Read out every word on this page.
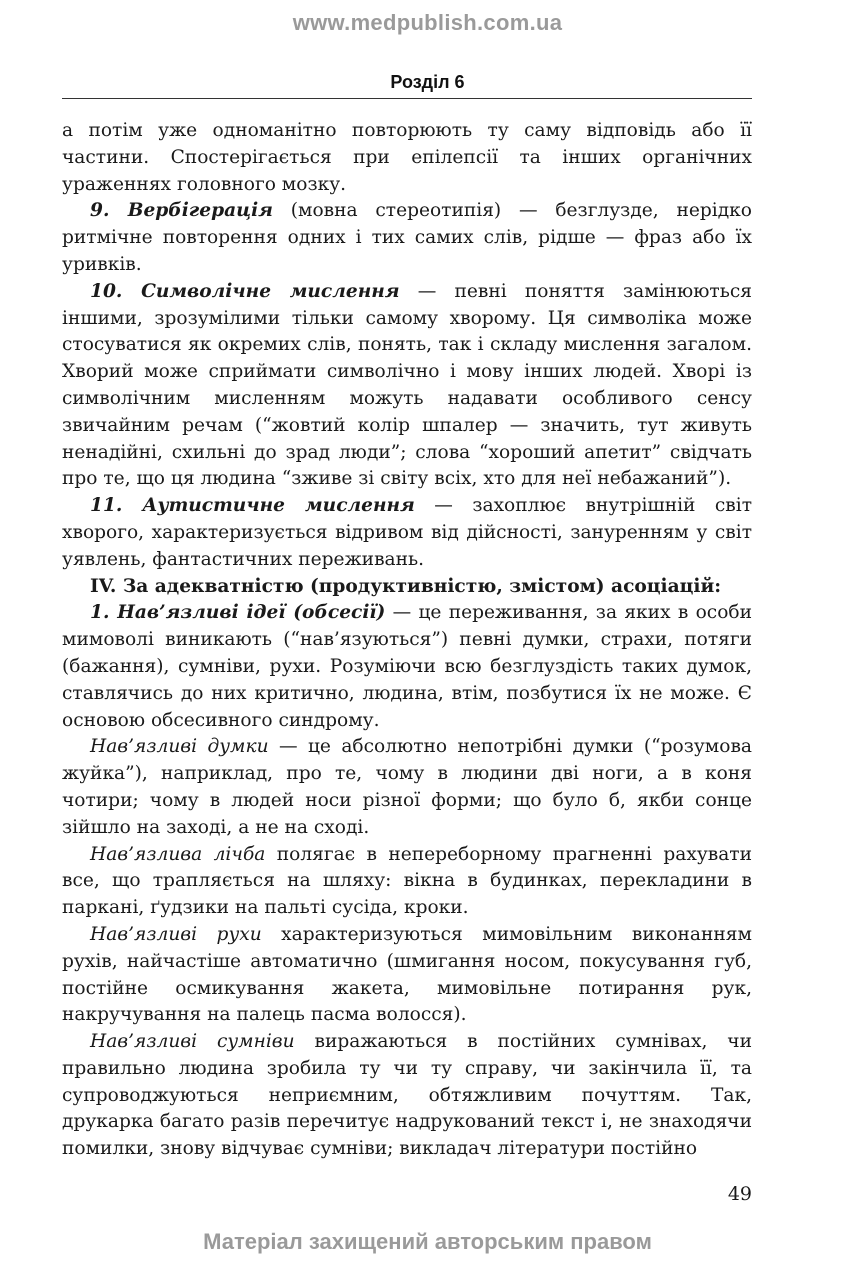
www.medpublish.com.ua
Розділ 6

а потім уже одноманітно повторюють ту саму відповідь або її частини. Спостерігається при епілепсії та інших органічних ураженнях головного мозку.

9. Вербігерація (мовна стереотипія) — безглузде, нерідко ритмічне повторення одних і тих самих слів, рідше — фраз або їх уривків.

10. Символічне мислення — певні поняття замінюються іншими, зрозумілими тільки самому хворому. Ця символіка може стосуватися як окремих слів, понять, так і складу мислення загалом. Хворий може сприймати символічно і мову інших людей. Хворі із символічним мисленням можуть надавати особливого сенсу звичайним речам (“жовтий колір шпалер — значить, тут живуть ненадійні, схильні до зрад люди”; слова “хороший апетит” свідчать про те, що ця людина “зживе зі світу всіх, хто для неї небажаний”).

11. Аутистичне мислення — захоплює внутрішній світ хворого, характеризується відривом від дійсності, зануренням у світ уявлень, фантастичних переживань.

IV. За адекватністю (продуктивністю, змістом) асоціацій:

1. Нав’язливі ідеї (обсесії) — це переживання, за яких в особи мимоволі виникають (“нав’язуються”) певні думки, страхи, потяги (бажання), сумніви, рухи. Розуміючи всю безглуздість таких думок, ставлячись до них критично, людина, втім, позбутися їх не може. Є основою обсесивного синдрому.

Нав’язливі думки — це абсолютно непотрібні думки (“розумова жуйка”), наприклад, про те, чому в людини дві ноги, а в коня чотири; чому в людей носи різної форми; що було б, якби сонце зійшло на заході, а не на сході.

Нав’язлива лічба полягає в непереборному прагненні рахувати все, що трапляється на шляху: вікна в будинках, перекладини в паркані, ґудзики на пальті сусіда, кроки.

Нав’язливі рухи характеризуються мимовільним виконанням рухів, найчастіше автоматично (шмигання носом, покусування губ, постійне осмикування жакета, мимовільне потирання рук, накручування на палець пасма волосся).

Нав’язливі сумніви виражаються в постійних сумнівах, чи правильно людина зробила ту чи ту справу, чи закінчила її, та супроводжуються неприємним, обтяжливим почуттям. Так, друкарка багато разів перечитує надрукований текст і, не знаходячи помилки, знову відчуває сумніви; викладач літератури постійно

49
Матеріал захищений авторським правом
